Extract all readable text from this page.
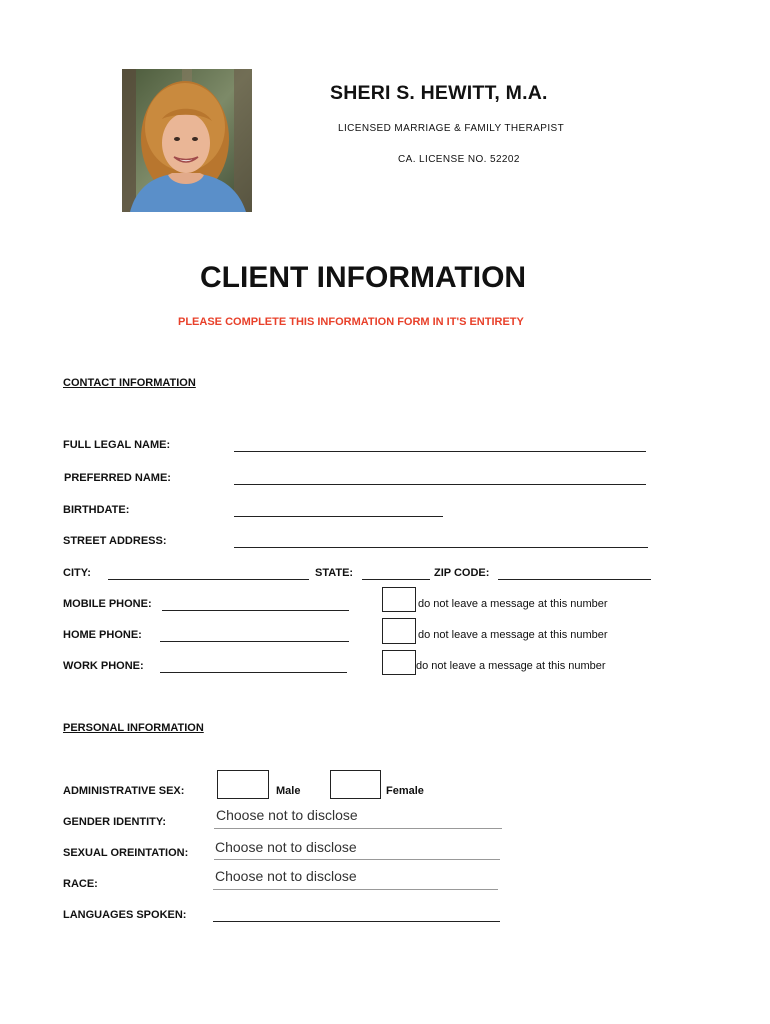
SHERI S. HEWITT, M.A.
LICENSED MARRIAGE & FAMILY THERAPIST
CA. LICENSE NO. 52202
CLIENT INFORMATION
PLEASE COMPLETE THIS INFORMATION FORM IN IT'S ENTIRETY
CONTACT INFORMATION
FULL LEGAL NAME:
PREFERRED NAME:
BIRTHDATE:
STREET ADDRESS:
CITY:	STATE:	ZIP CODE:
MOBILE PHONE:	do not leave a message at this number
HOME PHONE:	do not leave a message at this number
WORK PHONE:	do not leave a message at this number
PERSONAL INFORMATION
ADMINISTRATIVE SEX:	Male	Female
GENDER IDENTITY:	Choose not to disclose
SEXUAL OREINTATION: Choose not to disclose
RACE:	Choose not to disclose
LANGUAGES SPOKEN:
